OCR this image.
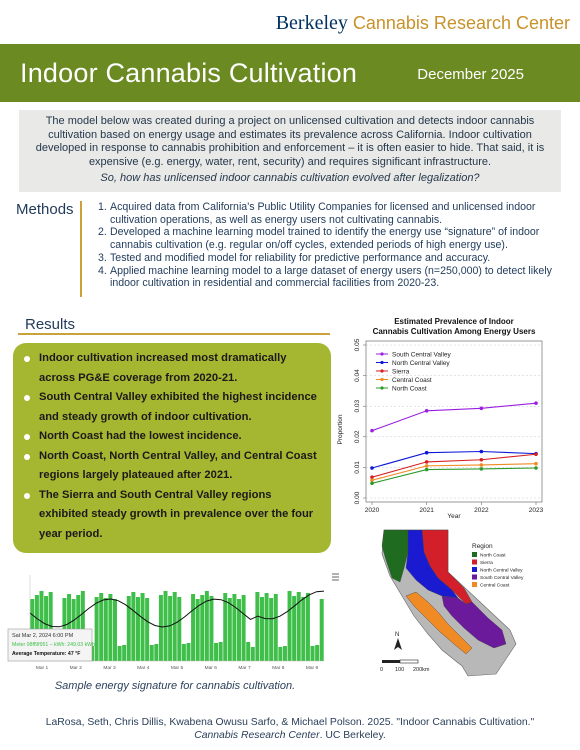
Berkeley Cannabis Research Center
Indoor Cannabis Cultivation	December 2025

The model below was created during a project on unlicensed cultivation and detects indoor cannabis cultivation based on energy usage and estimates its prevalence across California. Indoor cultivation developed in response to cannabis prohibition and enforcement – it is often easier to hide. That said, it is expensive (e.g. energy, water, rent, security) and requires significant infrastructure.

So, how has unlicensed indoor cannabis cultivation evolved after legalization?

Methods 1. Acquired data from California's Public Utility Companies for licensed and unlicensed indoor cultivation operations, as well as energy users not cultivating cannabis.
2. Developed a machine learning model trained to identify the energy use “signature” of indoor cannabis cultivation (e.g. regular on/off cycles, extended periods of high energy use).
3. Tested and modified model for reliability for predictive performance and accuracy.
4. Applied machine learning model to a large dataset of energy users (n=250,000) to detect likely indoor cultivation in residential and commercial facilities from 2020-23.
Results
Indoor cultivation increased most dramatically across PG&E coverage from 2020-21.
South Central Valley exhibited the highest incidence and steady growth of indoor cultivation.
North Coast had the lowest incidence.
North Coast, North Central Valley, and Central Coast regions largely plateaued after 2021.
The Sierra and South Central Valley regions exhibited steady growth in prevalence over the four year period.
Estimated Prevalence of Indoor
Cannabis Cultivation Among Energy Users
0.00
0.01
0.02
0.03
0.04
0.05
2020	2021	2022	2023
Year
Proportion
South Central Valley
North Central Valley
Sierra
Central Coast
North Coast
Mar 1	Mar 2	Mar 3	Mar 4	Mar 5	Mar 6	Mar 7	Mar 8	Mar 9
Sat Mar 2, 2024 6:00 PM
Meter 98ff9f951 – kWh: 249.03 kWh
Average Temperature: 47 °F
Sample energy signature for cannabis cultivation.
Region
North Coast
Sierra
North Central Valley
South Central Valley
Central Coast
N
0 100 200km
LaRosa, Seth, Chris Dillis, Kwabena Owusu Sarfo, & Michael Polson. 2025. "Indoor Cannabis Cultivation." Cannabis Research Center. UC Berkeley.
